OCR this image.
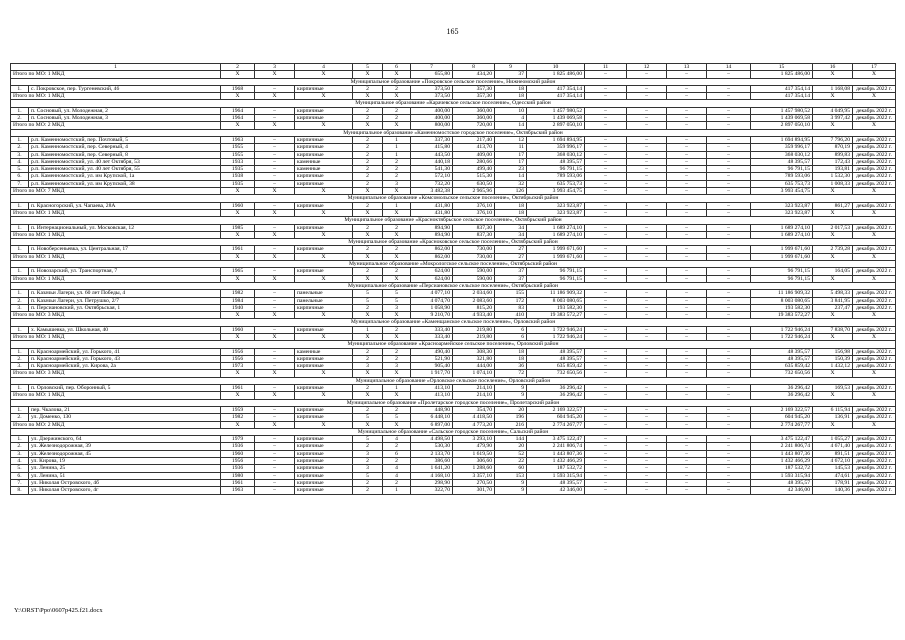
165
1		2	3	4	5	6	7	8	9	10	11	12	13	14	15	16	17
Итого по МО: 1 МКД		X	X	X	X	X	655,80	434,20	37	1 825 486,00	–	–	–	–	1 825 486,00	X	X
Муниципальное образование «Покровское сельское поселение», Нижнеомский район																	
1.	с. Покровское, пер. Тургеневский, 46	1968	–	кирпичные	2	2	373,50	357,30	18	417 354,14	–	–	–	–	417 354,14	1 168,08	декабрь 2022 г.
Итого по МО: 1 МКД		X	X	X	X	X	373,50	357,30	18	417 354,14	–	–	–	–	417 354,14	X	X
Муниципальное образование «Карачевское сельское поселение», Одесский район																	
1.	п. Сосновый, ул. Молодежная, 2	1964	–	кирпичные	2	2	400,00	360,00	10	1 457 980,52	–	–	–	–	1 457 980,52	4 049,95	декабрь 2022 г.
2.	п. Сосновый, ул. Молодежная, 3	1964	–	кирпичные	2	2	400,00	360,00	4	1 439 069,58	–	–	–	–	1 439 069,58	3 997,42	декабрь 2022 г.
Итого по МО: 2 МКД		X	X	X	X	X	800,00	720,00	14	2 897 050,10	–	–	–	–	2 897 050,10	X	X
Муниципальное образование «Каменномостское городское поселение», Октябрьский район																	
1.	р.п. Каменномостский, пер. Почтовый, 5	1963	–	кирпичные	2	1	337,30	217,40	12	1 694 894,95	–	–	–	–	1 694 894,95	7 796,20	декабрь 2022 г.
2.	р.п. Каменномостский, пер. Северный, 4	1955	–	кирпичные	2	1	415,80	413,70	11	359 996,17	–	–	–	–	359 996,17	870,19	декабрь 2022 г.
3.	р.п. Каменномостский, пер. Северный, 8	1955	–	кирпичные	2	1	443,50	409,00	17	368 030,12	–	–	–	–	368 030,12	899,83	декабрь 2022 г.
4.	р.п. Каменномостский, ул. 40 лет Октября, 53	1933	–	каменные	2	2	440,18	280,66	17	48 395,57	–	–	–	–	48 395,57	172,43	декабрь 2022 г.
5.	р.п. Каменномостский, ул. 40 лет Октября, 55	1935	–	каменные	2	2	541,30	499,40	23	96 791,15	–	–	–	–	96 791,15	193,81	декабрь 2022 г.
6.	р.п. Каменномостский, ул. им Крупской, 1а	1938	–	кирпичные	2	2	572,10	515,30	14	789 593,06	–	–	–	–	789 593,06	1 532,30	декабрь 2022 г.
7.	р.п. Каменномостский, ул. им Крупской, 38	1935	–	кирпичные	2	3	732,20	630,50	32	635 753,73	–	–	–	–	635 753,73	1 008,33	декабрь 2022 г.
Итого по МО: 7 МКД		X	X	X	X	X	3 482,38	2 965,96	126	3 993 454,75	–	–	–	–	3 993 454,75	X	X
Муниципальное образование «Комсомольское сельское поселение», Октябрьский район																	
1.	п. Красногорский, ул. Чапаева, 28А	1960	–	кирпичные	2	1	431,80	376,10	18	323 923,87	–	–	–	–	323 923,87	861,27	декабрь 2022 г.
Итого по МО: 1 МКД		X	X	X	X	X	431,80	376,10	18	323 923,87	–	–	–	–	323 923,87	X	X
Муниципальное образование «Красноктябрьское сельское поселение», Октябрьский район																	
1.	п. Интернациональный, ул. Московская, 12	1985	–	кирпичные	2	2	894,90	837,30	34	1 689 274,10	–	–	–	–	1 689 274,10	2 017,53	декабрь 2022 г.
Итого по МО: 1 МКД		X	X	X	X	X	894,90	837,30	34	1 689 274,10	–	–	–	–	1 689 274,10	X	X
Муниципальное образование «Красноковское сельское поселение», Октябрьский район																	
1.	п. Новоберсеньевка, ул. Центральная, 17	1961	–	кирпичные	2	2	862,00	730,00	27	1 999 671,60	–	–	–	–	1 999 671,60	2 739,28	декабрь 2022 г.
Итого по МО: 1 МКД		X	X	X	X	X	862,00	730,00	27	1 999 671,60	–	–	–	–	1 999 671,60	X	X
Муниципальное образование «Мокрологское сельское поселение», Октябрьский район																	
1.	п. Новозарский, ул. Транспортная, 7	1965	–	кирпичные	2	2	624,00	590,00	37	96 791,15	–	–	–	–	96 791,15	164,05	декабрь 2022 г.
Итого по МО: 1 МКД		X	X	X	X	X	624,00	590,00	37	96 791,15	–	–	–	–	96 791,15	X	X
Муниципальное образование «Персиановское сельское поселение», Октябрьский район																	
1.	п. Казачьи Лагери, ул. 60 лет Победы, 4	1982	–	панельные	5	5	4 077,10	2 034,60	155	11 186 909,32	–	–	–	–	11 186 909,32	5 498,33	декабрь 2022 г.
2.	п. Казачьи Лагери, ул. Петрушко, 2/7	1984	–	панельные	5	5	4 074,70	2 083,60	172	8 003 080,65	–	–	–	–	8 003 080,65	3 841,95	декабрь 2022 г.
3.	п. Персиановский, ул. Октябрьская, 1	1940	–	кирпичные	2	3	1 058,90	815,20	83	193 582,30	–	–	–	–	193 582,30	237,47	декабрь 2022 г.
Итого по МО: 3 МКД		X	X	X	X	X	9 210,70	4 933,40	410	19 383 572,27	–	–	–	–	19 383 572,27	X	X
Муниципальное образование «Каменщанское сельское поселение», Орловский район																	
1.	х. Камышевка, ул. Школьная, 40	1960	–	кирпичные	1	2	333,40	219,80	6	1 722 946,24	–	–	–	–	1 722 946,24	7 838,70	декабрь 2022 г.
Итого по МО: 1 МКД		X	X	X	X	X	333,40	219,80	6	1 722 946,24	–	–	–	–	1 722 946,24	X	X
Муниципальное образование «Красноармейское сельское поселение», Орловский район																	
1.	п. Красноармейский, ул. Горького, 41	1956	–	каменные	2	2	490,40	308,30	18	48 395,57	–	–	–	–	48 395,57	156,98	декабрь 2022 г.
2.	п. Красноармейский, ул. Горького, 43	1956	–	кирпичные	2	2	521,90	321,80	18	48 395,57	–	–	–	–	48 395,57	150,39	декабрь 2022 г.
3.	п. Красноармейский, ул. Кирова, 2а	1973	–	кирпичные	3	3	905,40	444,00	36	635 859,42	–	–	–	–	635 859,42	1 432,12	декабрь 2022 г.
Итого по МО: 3 МКД		X	X	X	X	X	1 917,70	1 074,10	72	732 650,56	–	–	–	–	732 650,56	X	X
Муниципальное образование «Орловское сельское поселение», Орловский район																	
1.	п. Орловский, пер. Оборонный, 5	1961	–	кирпичные	2	1	413,10	214,10	9	36 296,42	–	–	–	–	36 296,42	169,53	декабрь 2022 г.
Итого по МО: 1 МКД		X	X	X	X	X	413,10	214,10	9	36 296,42	–	–	–	–	36 296,42	X	X
Муниципальное образование «Пролетарское городское поселение», Пролетарский район																	
1.	пер. Чкалова, 21	1959	–	кирпичные	2	2	448,90	354,70	20	2 169 322,57	–	–	–	–	2 169 322,57	6 115,94	декабрь 2022 г.
2.	ул. Доменко, 130	1982	–	кирпичные	5	5	6 448,10	4 418,50	196	604 945,20	–	–	–	–	604 945,20	136,91	декабрь 2022 г.
Итого по МО: 2 МКД		X	X	X	X	X	6 897,00	4 773,20	216	2 774 267,77	–	–	–	–	2 774 267,77	X	X
Муниципальное образование «Сальское городское поселение», Сальский район																	
1.	ул. Дзержинского, 64	1979	–	кирпичные	5	4	4 498,50	3 293,10	144	3 475 122,47	–	–	–	–	3 475 122,47	1 055,27	декабрь 2022 г.
2.	ул. Железнодорожная, 39	1936	–	кирпичные	2	2	530,30	479,90	20	2 241 806,74	–	–	–	–	2 241 806,74	4 671,40	декабрь 2022 г.
3.	ул. Железнодорожная, 45	1960	–	кирпичные	3	6	2 133,70	1 619,50	52	1 443 807,36	–	–	–	–	1 443 807,36	891,51	декабрь 2022 г.
4.	ул. Кирова, 19	1956	–	кирпичные	2	2	386,60	306,60	22	1 432 466,29	–	–	–	–	1 432 466,29	4 672,10	декабрь 2022 г.
5.	ул. Ленина, 25	1936	–	кирпичные	3	4	1 641,20	1 288,60	60	187 532,72	–	–	–	–	187 532,72	145,53	декабрь 2022 г.
6.	ул. Ленина, 51	1980	–	кирпичные	5	4	4 168,10	3 357,10	153	1 593 315,94	–	–	–	–	1 593 315,94	474,61	декабрь 2022 г.
7.	ул. Николая Островского, 4б	1961	–	кирпичные	2	2	298,90	270,50	9	48 395,57	–	–	–	–	48 395,57	178,91	декабрь 2022 г.
8.	ул. Николая Островского, 4г	1963	–	кирпичные	2	1	322,70	301,70	9	42 346,00	–	–	–	–	42 346,00	140,36	декабрь 2022 г.
Y:\ORST\Ppo\0607p425.f21.docx
